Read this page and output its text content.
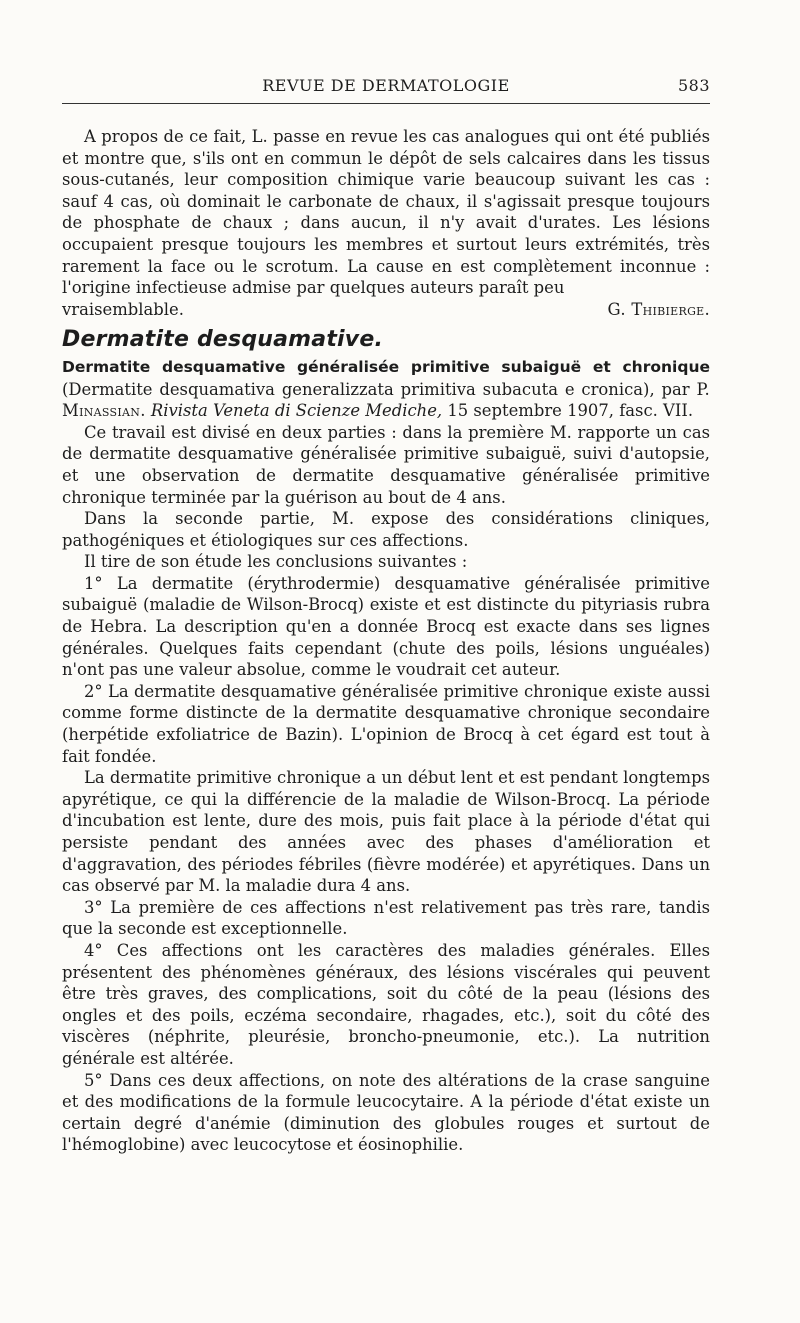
REVUE DE DERMATOLOGIE	583

A propos de ce fait, L. passe en revue les cas analogues qui ont été publiés et montre que, s'ils ont en commun le dépôt de sels calcaires dans les tissus sous-cutanés, leur composition chimique varie beaucoup suivant les cas : sauf 4 cas, où dominait le carbonate de chaux, il s'agissait presque toujours de phosphate de chaux ; dans aucun, il n'y avait d'urates. Les lésions occupaient presque toujours les membres et surtout leurs extrémités, très rarement la face ou le scrotum. La cause en est complètement inconnue : l'origine infectieuse admise par quelques auteurs paraît peu

vraisemblable.	G. Thibierge.
Dermatite desquamative.

Dermatite desquamative généralisée primitive subaiguë et chronique (Dermatite desquamativa generalizzata primitiva subacuta e cronica), par P. Minassian. Rivista Veneta di Scienze Mediche, 15 septembre 1907, fasc. VII.

Ce travail est divisé en deux parties : dans la première M. rapporte un cas de dermatite desquamative généralisée primitive subaiguë, suivi d'autopsie, et une observation de dermatite desquamative généralisée primitive chronique terminée par la guérison au bout de 4 ans.

Dans la seconde partie, M. expose des considérations cliniques, pathogéniques et étiologiques sur ces affections.

Il tire de son étude les conclusions suivantes :

1° La dermatite (érythrodermie) desquamative généralisée primitive subaiguë (maladie de Wilson-Brocq) existe et est distincte du pityriasis rubra de Hebra. La description qu'en a donnée Brocq est exacte dans ses lignes générales. Quelques faits cependant (chute des poils, lésions unguéales) n'ont pas une valeur absolue, comme le voudrait cet auteur.

2° La dermatite desquamative généralisée primitive chronique existe aussi comme forme distincte de la dermatite desquamative chronique secondaire (herpétide exfoliatrice de Bazin). L'opinion de Brocq à cet égard est tout à fait fondée.

La dermatite primitive chronique a un début lent et est pendant longtemps apyrétique, ce qui la différencie de la maladie de Wilson-Brocq. La période d'incubation est lente, dure des mois, puis fait place à la période d'état qui persiste pendant des années avec des phases d'amélioration et d'aggravation, des périodes fébriles (fièvre modérée) et apyrétiques. Dans un cas observé par M. la maladie dura 4 ans.

3° La première de ces affections n'est relativement pas très rare, tandis que la seconde est exceptionnelle.

4° Ces affections ont les caractères des maladies générales. Elles présentent des phénomènes généraux, des lésions viscérales qui peuvent être très graves, des complications, soit du côté de la peau (lésions des ongles et des poils, eczéma secondaire, rhagades, etc.), soit du côté des viscères (néphrite, pleurésie, broncho-pneumonie, etc.). La nutrition générale est altérée.

5° Dans ces deux affections, on note des altérations de la crase sanguine et des modifications de la formule leucocytaire. A la période d'état existe un certain degré d'anémie (diminution des globules rouges et surtout de l'hémoglobine) avec leucocytose et éosinophilie.
